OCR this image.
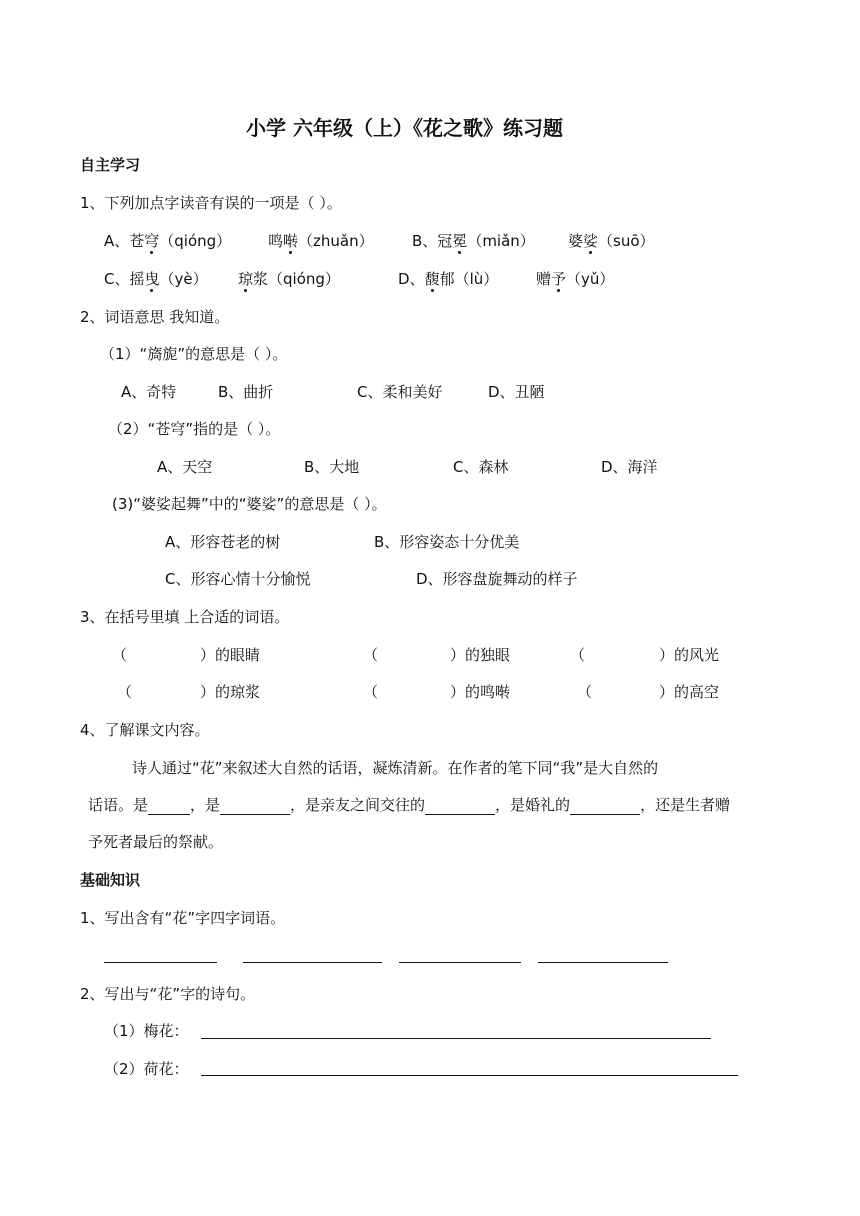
小学 六年级（上）《花之歌》练习题
自主学习
1、下列加点字读音有误的一项是（ ）。
A、苍穹（qióng） 鸣啭（zhuǎn）	B、冠冕（miǎn） 婆娑（suō）
C、摇曳（yè） 琼浆（qióng）	D、馥郁（lù）	赠予（yǔ）
2、词语意思 我知道。
（1）“旖旎”的意思是（ ）。
A、奇特	B、曲折	C、柔和美好	D、丑陋
（2）“苍穹”指的是（ ）。
A、天空	B、大地	C、森林	D、海洋
(3)“婆娑起舞”中的“婆娑”的意思是（ ）。
A、形容苍老的树	B、形容姿态十分优美
C、形容心情十分愉悦	D、形容盘旋舞动的样子
3、在括号里填 上合适的词语。
（	）的眼睛	（	）的独眼	（	）的风光
（	）的琼浆	（	）的鸣啭	（	）的高空
4、了解课文内容。
诗人通过“花”来叙述大自然的话语，凝炼清新。在作者的笔下同“我”是大自然的
话语。是	，是	，是亲友之间交往的	，是婚礼的	，还是生者赠
予死者最后的祭献。
基础知识
1、写出含有“花”字四字词语。
2、写出与“花”字的诗句。
（1）梅花：
（2）荷花：
